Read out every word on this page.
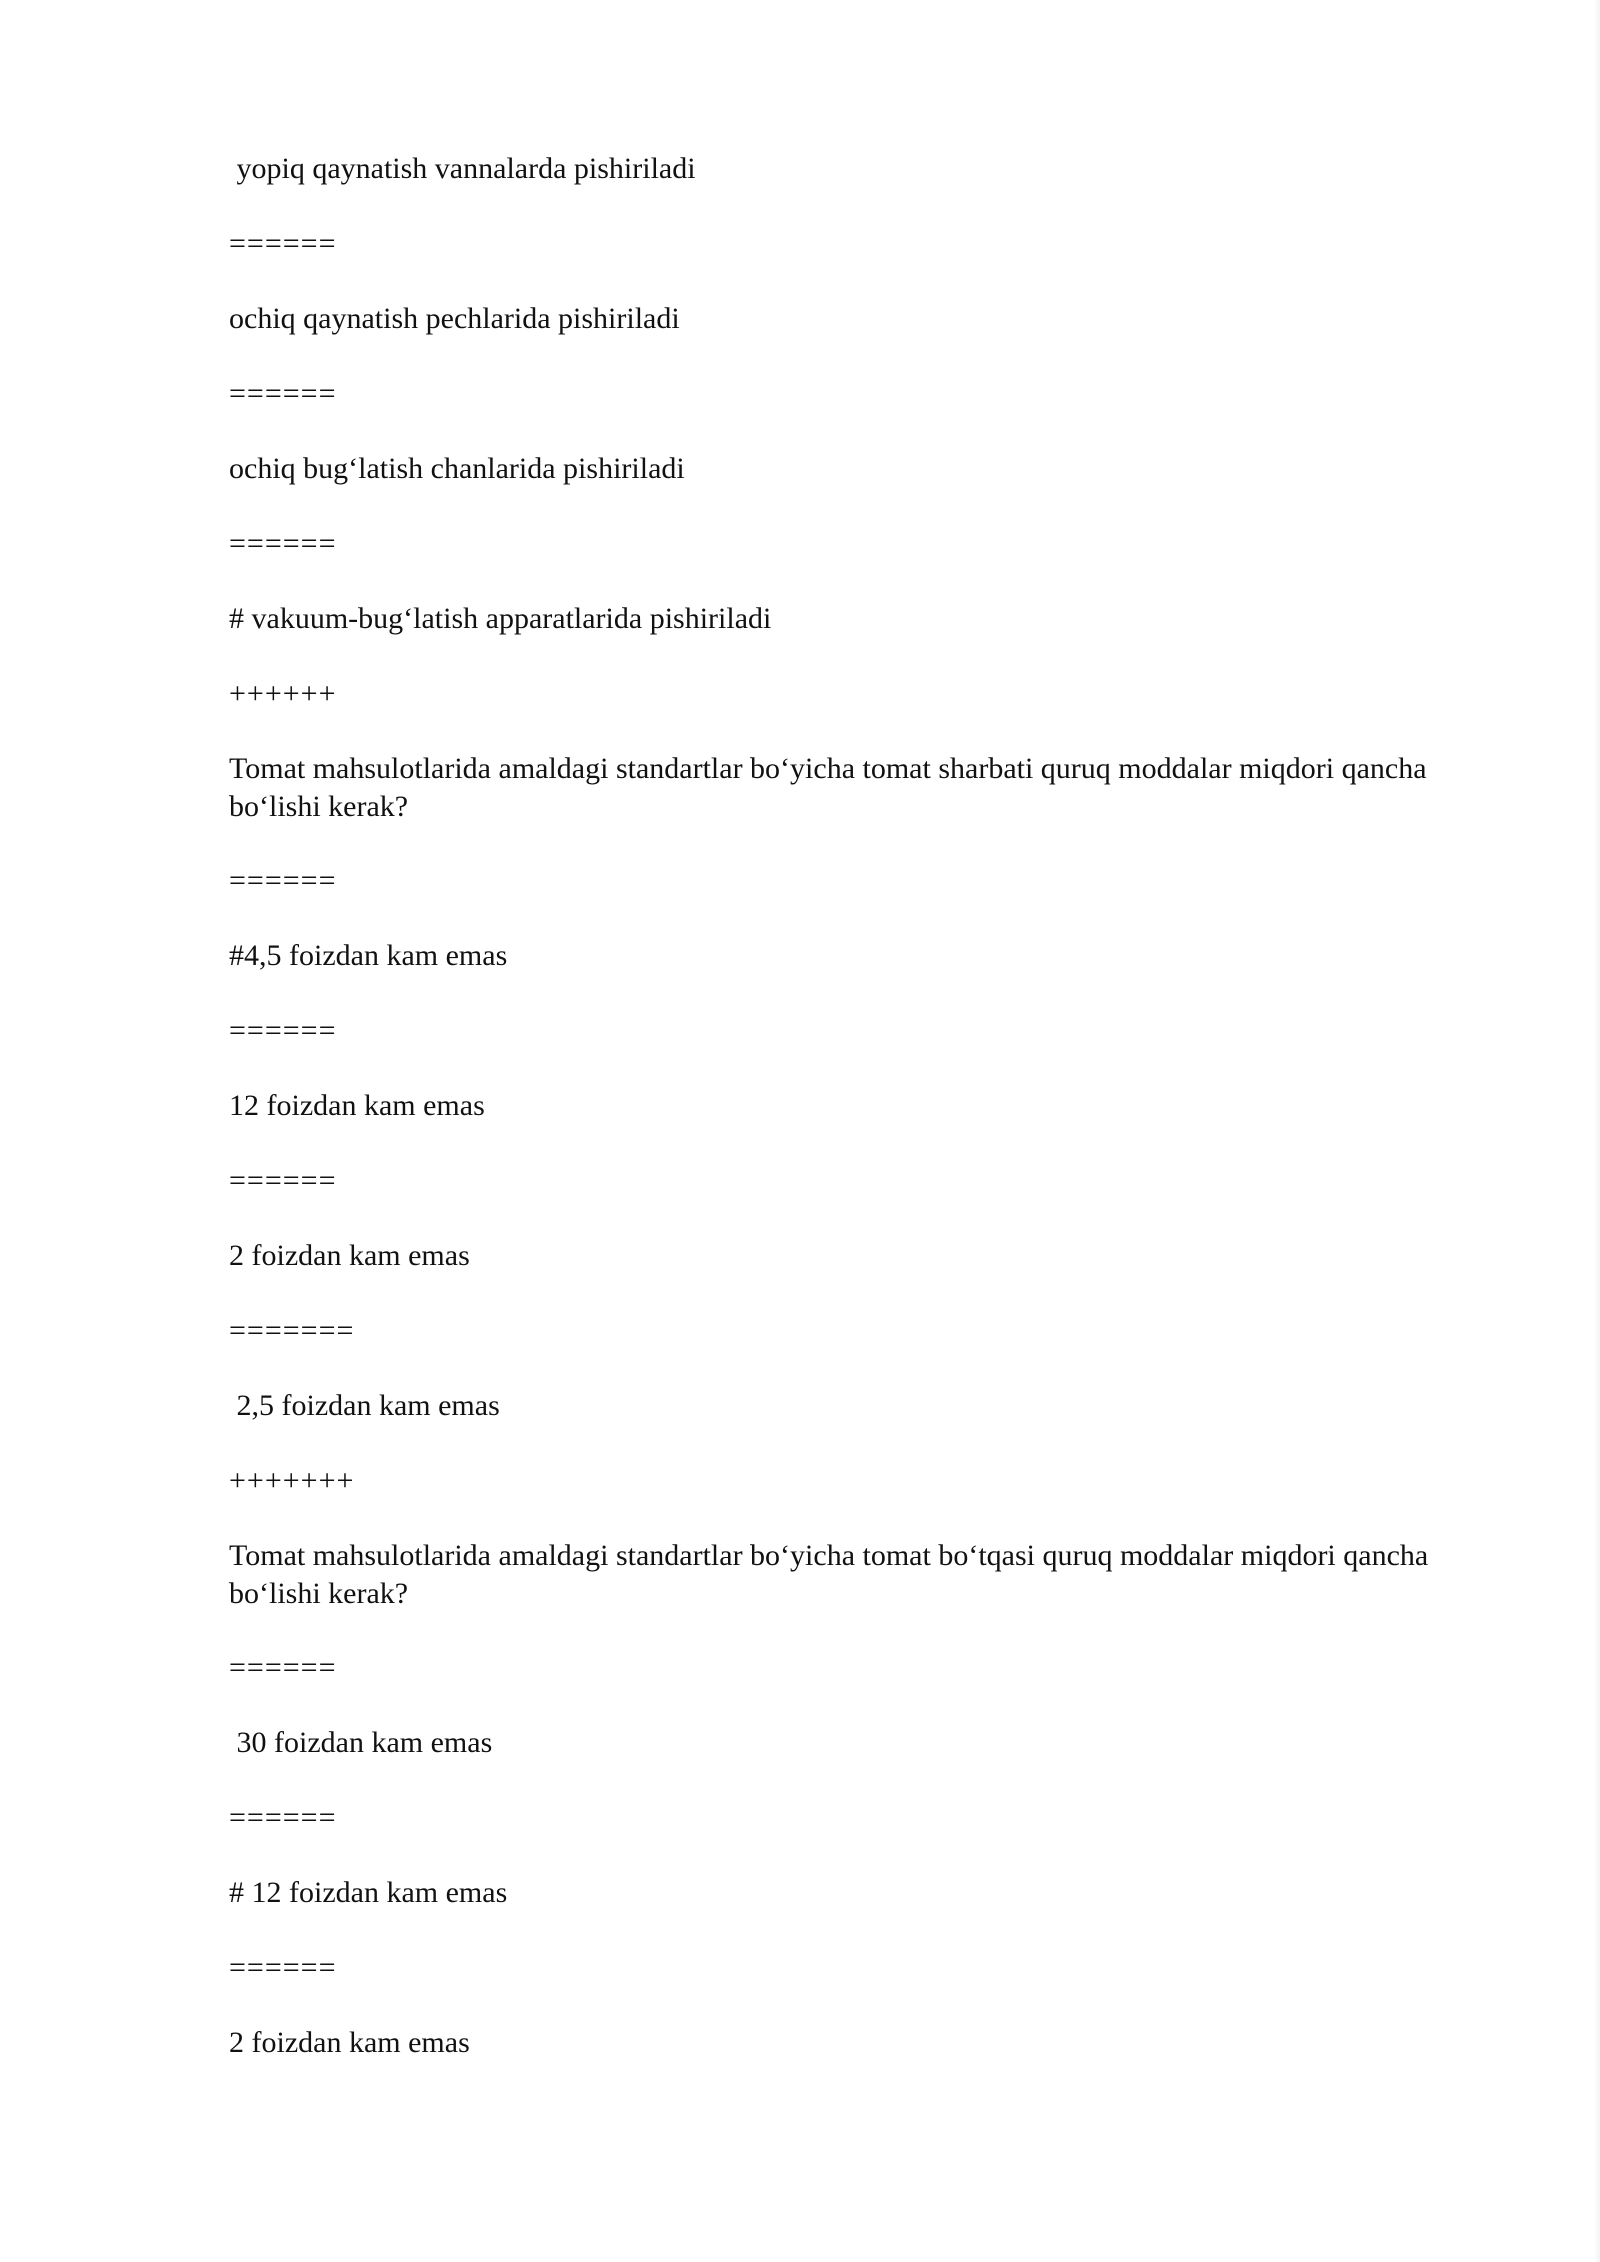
yopiq qaynatish vannalarda pishiriladi

======

ochiq qaynatish pechlarida pishiriladi

======

ochiq bug‘latish chanlarida pishiriladi

======

# vakuum-bug‘latish apparatlarida pishiriladi

++++++

Tomat mahsulotlarida amaldagi standartlar bo‘yicha tomat sharbati quruq moddalar miqdori qancha bo‘lishi kerak?

======

#4,5 foizdan kam emas

======

12 foizdan kam emas

======

2 foizdan kam emas

=======

2,5 foizdan kam emas

+++++++

Tomat mahsulotlarida amaldagi standartlar bo‘yicha tomat bo‘tqasi quruq moddalar miqdori qancha bo‘lishi kerak?

======

30 foizdan kam emas

======

# 12 foizdan kam emas

======

2 foizdan kam emas
